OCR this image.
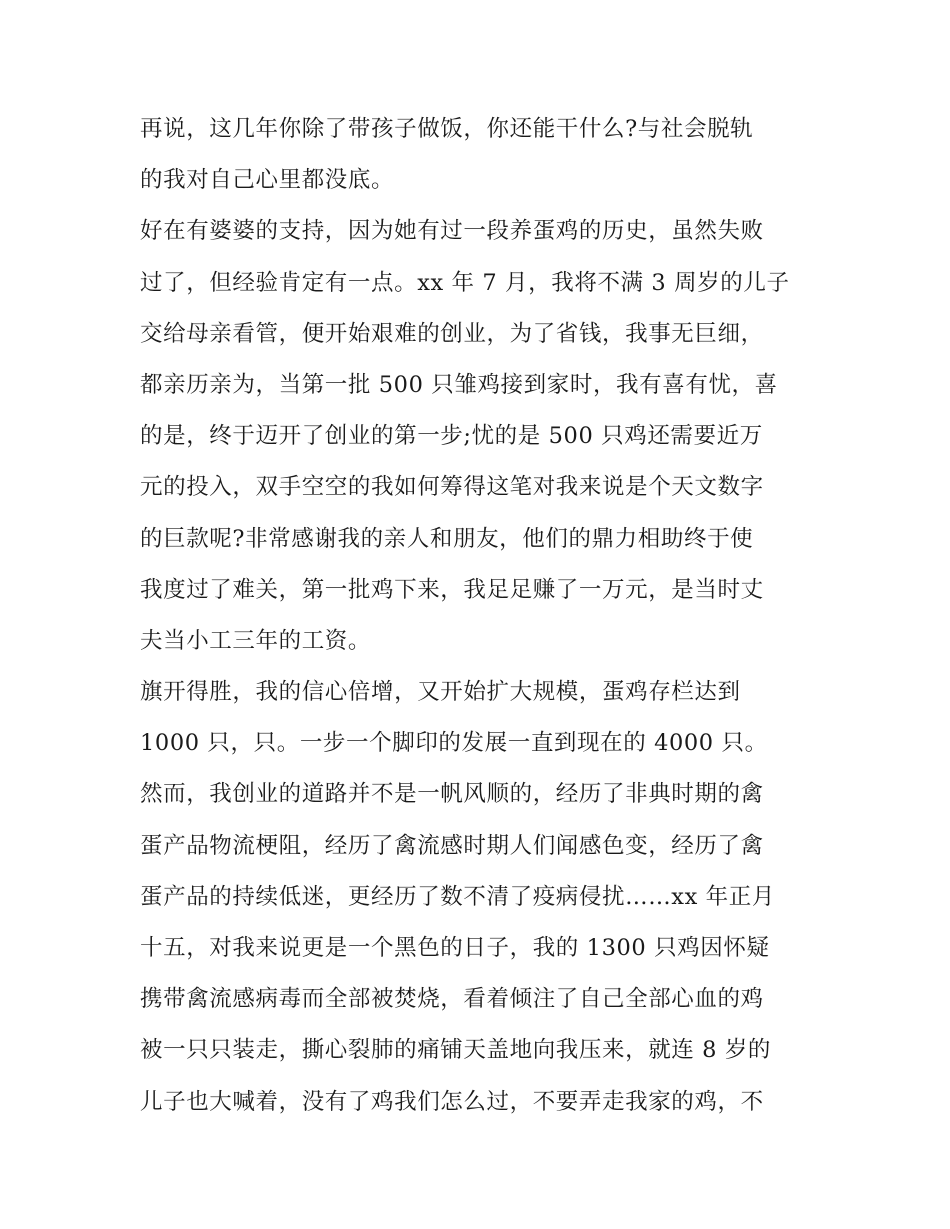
再说，这几年你除了带孩子做饭，你还能干什么?与社会脱轨
的我对自己心里都没底。
好在有婆婆的支持，因为她有过一段养蛋鸡的历史，虽然失败
过了，但经验肯定有一点。xx 年 7 月，我将不满 3 周岁的儿子
交给母亲看管，便开始艰难的创业，为了省钱，我事无巨细，
都亲历亲为，当第一批 500 只雏鸡接到家时，我有喜有忧，喜
的是，终于迈开了创业的第一步;忧的是 500 只鸡还需要近万
元的投入，双手空空的我如何筹得这笔对我来说是个天文数字
的巨款呢?非常感谢我的亲人和朋友，他们的鼎力相助终于使
我度过了难关，第一批鸡下来，我足足赚了一万元，是当时丈
夫当小工三年的工资。
旗开得胜，我的信心倍增，又开始扩大规模，蛋鸡存栏达到
1000 只，只。一步一个脚印的发展一直到现在的 4000 只。
然而，我创业的道路并不是一帆风顺的，经历了非典时期的禽
蛋产品物流梗阻，经历了禽流感时期人们闻感色变，经历了禽
蛋产品的持续低迷，更经历了数不清了疫病侵扰……xx 年正月
十五，对我来说更是一个黑色的日子，我的 1300 只鸡因怀疑
携带禽流感病毒而全部被焚烧，看着倾注了自己全部心血的鸡
被一只只装走，撕心裂肺的痛铺天盖地向我压来，就连 8 岁的
儿子也大喊着，没有了鸡我们怎么过，不要弄走我家的鸡，不
